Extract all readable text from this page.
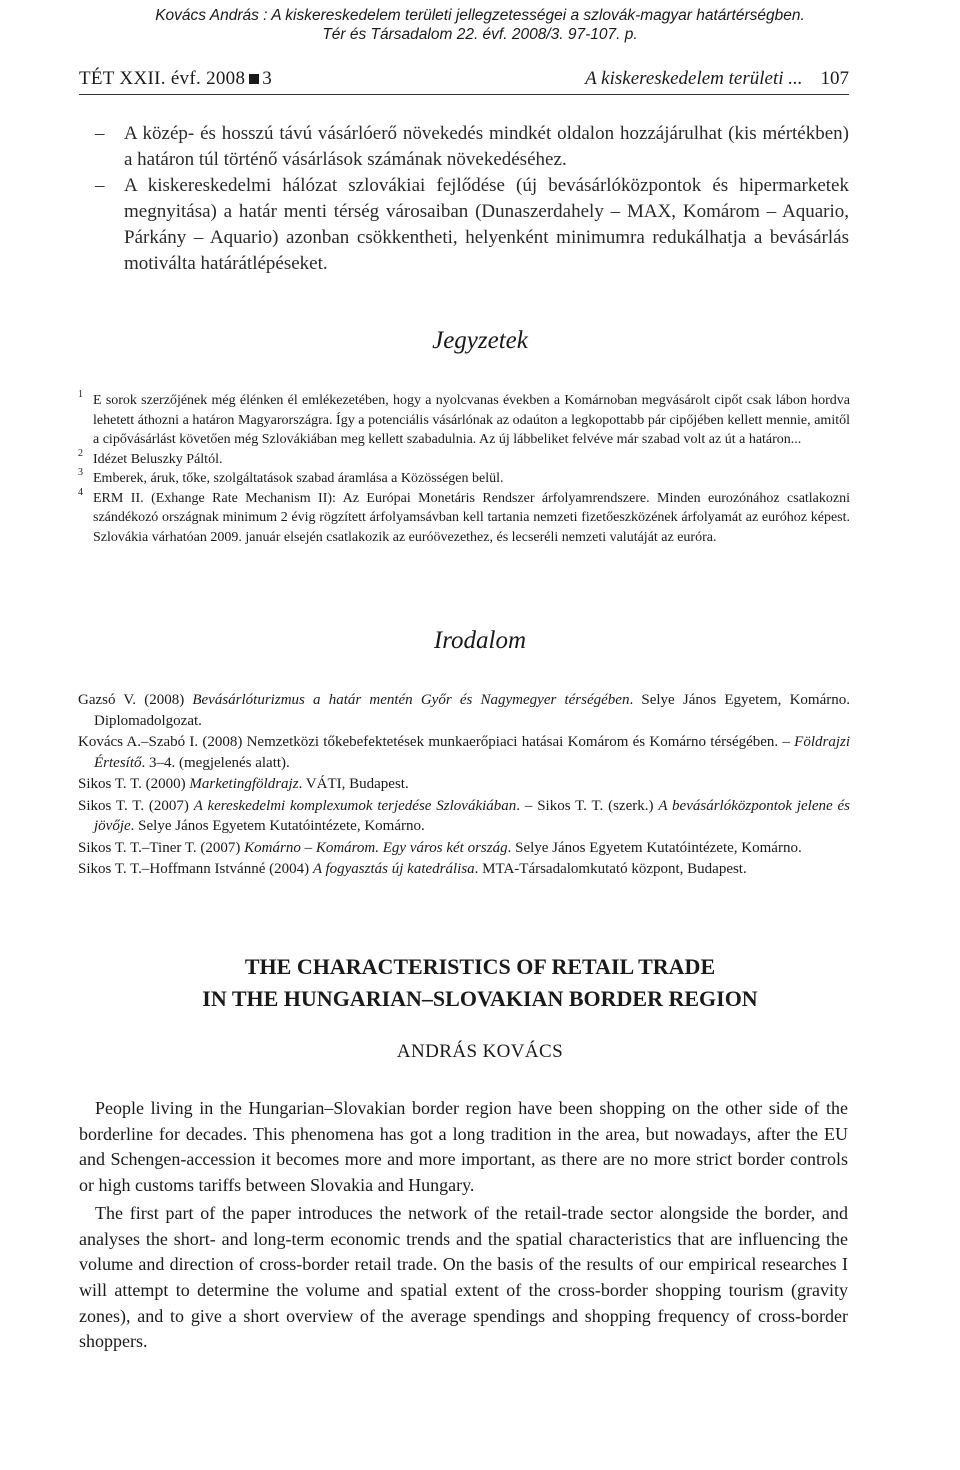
Kovács András : A kiskereskedelem területi jellegzetességei a szlovák-magyar határtérségben.
Tér és Társadalom 22. évf. 2008/3. 97-107. p.
TÉT XXII. évf. 2008 3	A kiskereskedelem területi ... 107
– A közép- és hosszú távú vásárlóerő növekedés mindkét oldalon hozzájárulhat (kis mértékben) a határon túl történő vásárlások számának növekedéséhez.
– A kiskereskedelmi hálózat szlovákiai fejlődése (új bevásárlóközpontok és hipermarketek megnyitása) a határ menti térség városaiban (Dunaszerdahely – MAX, Komárom – Aquario, Párkány – Aquario) azonban csökkentheti, helyenként minimumra redukálhatja a bevásárlás motiválta határátlépéseket.
Jegyzetek
1 E sorok szerzőjének még élénken él emlékezetében, hogy a nyolcvanas években a Komárnoban megvásárolt cipőt csak lábon hordva lehetett áthozni a határon Magyarországra. Így a potenciális vásárlónak az odaúton a legkopottabb pár cipőjében kellett mennie, amitől a cipővásárlást követően még Szlovákiában meg kellett szabadulnia. Az új lábbeliket felvéve már szabad volt az út a határon...
2 Idézet Beluszky Páltól.
3 Emberek, áruk, tőke, szolgáltatások szabad áramlása a Közösségen belül.
4 ERM II. (Exhange Rate Mechanism II): Az Európai Monetáris Rendszer árfolyamrendszere. Minden eurozónához csatlakozni szándékozó országnak minimum 2 évig rögzített árfolyamsávban kell tartania nemzeti fizetőeszközének árfolyamát az euróhoz képest. Szlovákia várhatóan 2009. január elsején csatlakozik az euróövezethez, és lecseréli nemzeti valutáját az euróra.
Irodalom
Gazsó V. (2008) Bevásárlóturizmus a határ mentén Győr és Nagymegyer térségében. Selye János Egyetem, Komárno. Diplomadolgozat.
Kovács A.–Szabó I. (2008) Nemzetközi tőkebefektetések munkaerőpiaci hatásai Komárom és Komárno térségében. – Földrajzi Értesítő. 3–4. (megjelenés alatt).
Sikos T. T. (2000) Marketingföldrajz. VÁTI, Budapest.
Sikos T. T. (2007) A kereskedelmi komplexumok terjedése Szlovákiában. – Sikos T. T. (szerk.) A bevásárlóközpontok jelene és jövője. Selye János Egyetem Kutatóintézete, Komárno.
Sikos T. T.–Tiner T. (2007) Komárno – Komárom. Egy város két ország. Selye János Egyetem Kutatóintézete, Komárno.
Sikos T. T.–Hoffmann Istvánné (2004) A fogyasztás új katedrálisa. MTA-Társadalomkutató központ, Budapest.
THE CHARACTERISTICS OF RETAIL TRADE
IN THE HUNGARIAN–SLOVAKIAN BORDER REGION
ANDRÁS KOVÁCS

People living in the Hungarian–Slovakian border region have been shopping on the other side of the borderline for decades. This phenomena has got a long tradition in the area, but nowadays, after the EU and Schengen-accession it becomes more and more important, as there are no more strict border controls or high customs tariffs between Slovakia and Hungary.

The first part of the paper introduces the network of the retail-trade sector alongside the border, and analyses the short- and long-term economic trends and the spatial characteristics that are influencing the volume and direction of cross-border retail trade. On the basis of the results of our empirical researches I will attempt to determine the volume and spatial extent of the cross-border shopping tourism (gravity zones), and to give a short overview of the average spendings and shopping frequency of cross-border shoppers.
